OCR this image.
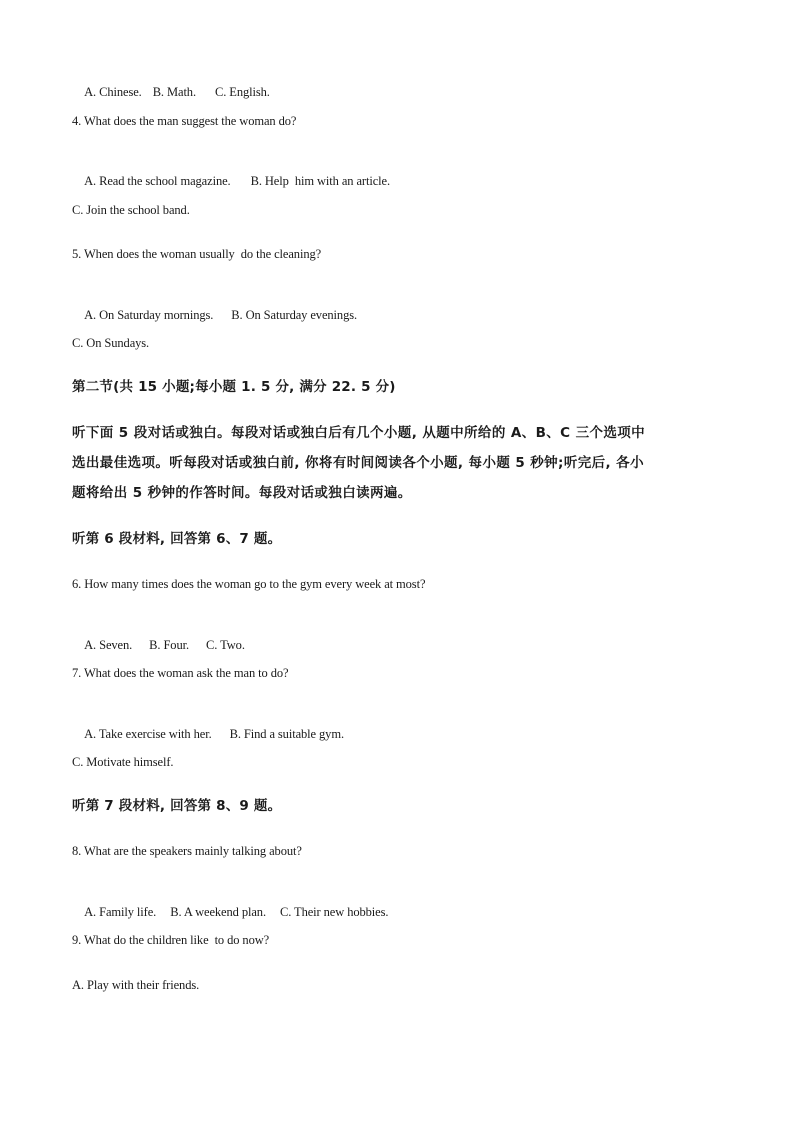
A. Chinese. B. Math. C. English.

4. What does the man suggest the woman do?

A. Read the school magazine. B. Help  him with an article.

C. Join the school band.
5. When does the woman usually  do the cleaning?

A. On Saturday mornings. B. On Saturday evenings.

C. On Sundays.
第二节(共 15 小题;每小题 1. 5 分, 满分 22. 5 分)
听下面 5 段对话或独白。每段对话或独白后有几个小题, 从题中所给的 A、B、C 三个选项中
选出最佳选项。听每段对话或独白前, 你将有时间阅读各个小题, 每小题 5 秒钟;听完后, 各小
题将给出 5 秒钟的作答时间。每段对话或独白读两遍。
听第 6 段材料, 回答第 6、7 题。
6. How many times does the woman go to the gym every week at most?

A. Seven. B. Four. C. Two.

7. What does the woman ask the man to do?

A. Take exercise with her. B. Find a suitable gym.

C. Motivate himself.
听第 7 段材料, 回答第 8、9 题。
8. What are the speakers mainly talking about?

A. Family life. B. A weekend plan. C. Their new hobbies.

9. What do the children like  to do now?
A. Play with their friends.
